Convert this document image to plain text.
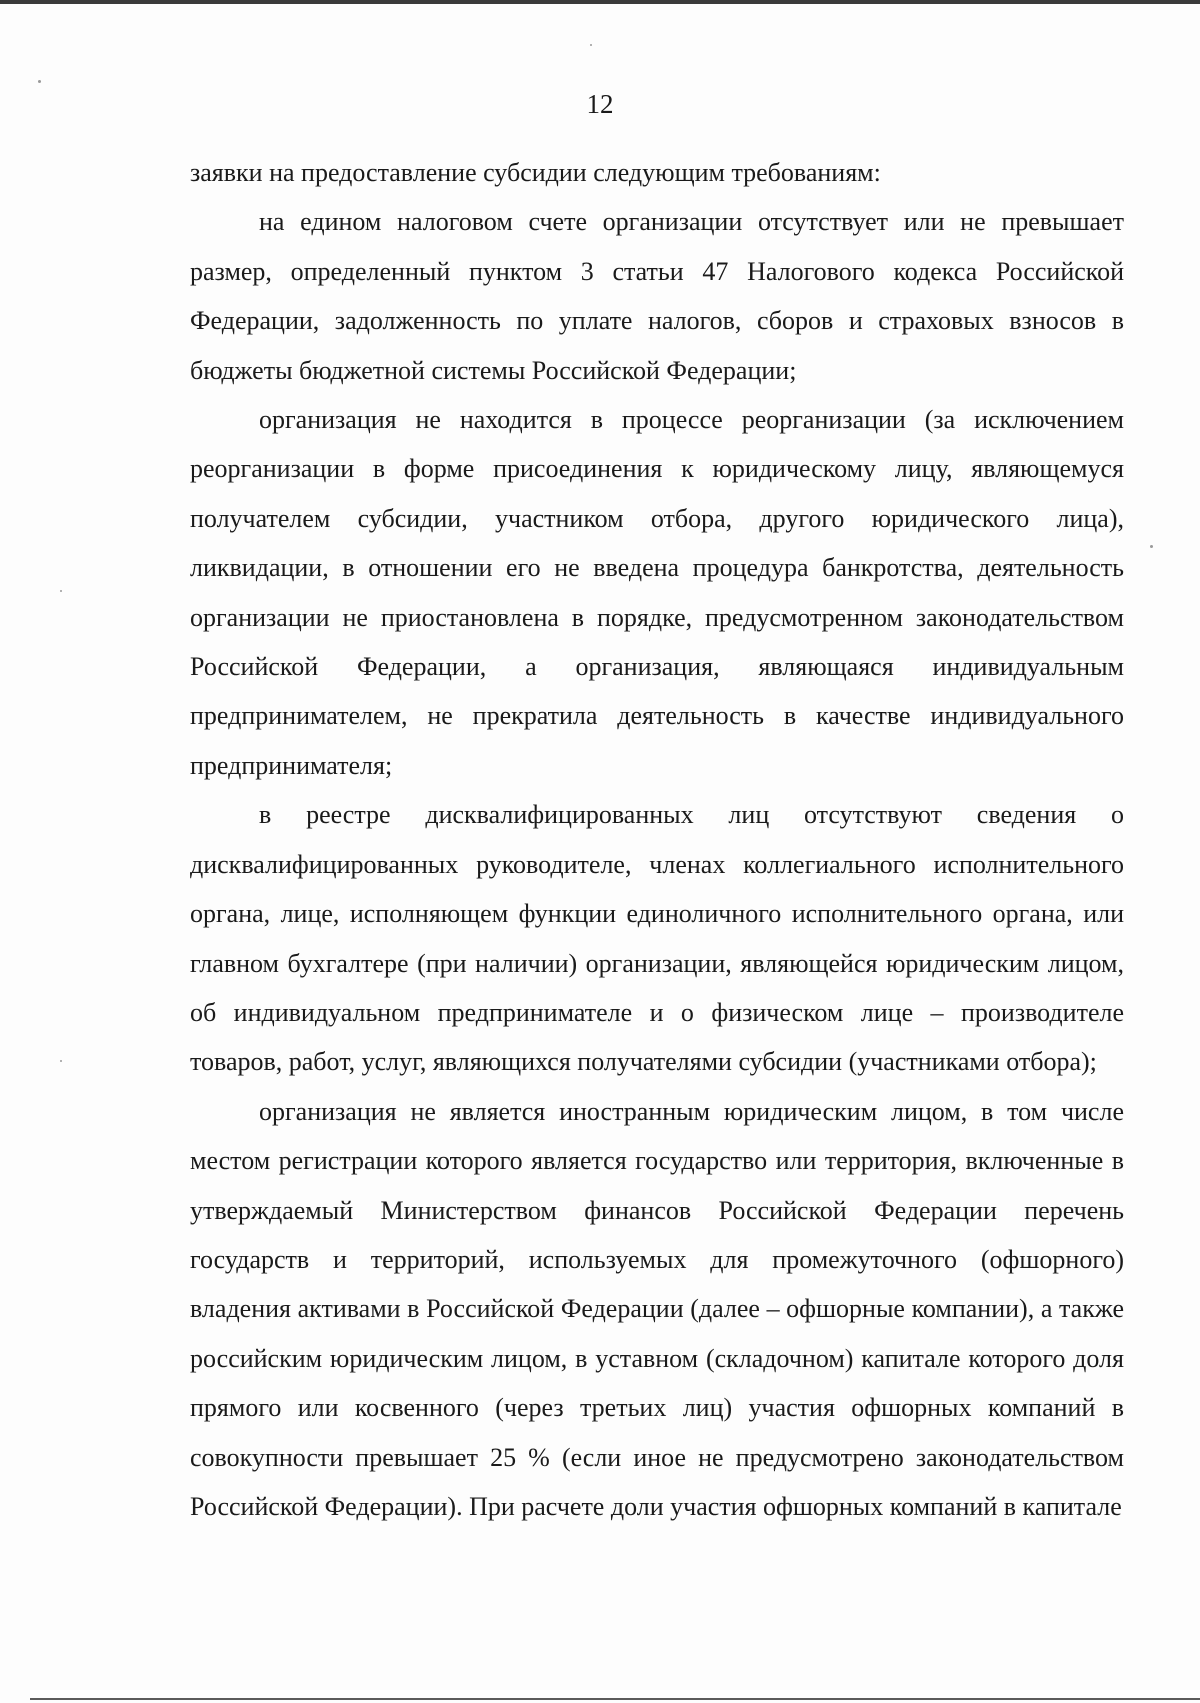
12

заявки на предоставление субсидии следующим требованиям:

на едином налоговом счете организации отсутствует или не превышает размер, определенный пунктом 3 статьи 47 Налогового кодекса Российской Федерации, задолженность по уплате налогов, сборов и страховых взносов в бюджеты бюджетной системы Российской Федерации;

организация не находится в процессе реорганизации (за исключением реорганизации в форме присоединения к юридическому лицу, являющемуся получателем субсидии, участником отбора, другого юридического лица), ликвидации, в отношении его не введена процедура банкротства, деятельность организации не приостановлена в порядке, предусмотренном законодательством Российской Федерации, а организация, являющаяся индивидуальным предпринимателем, не прекратила деятельность в качестве индивидуального предпринимателя;

в реестре дисквалифицированных лиц отсутствуют сведения о дисквалифицированных руководителе, членах коллегиального исполнительного органа, лице, исполняющем функции единоличного исполнительного органа, или главном бухгалтере (при наличии) организации, являющейся юридическим лицом, об индивидуальном предпринимателе и о физическом лице – производителе товаров, работ, услуг, являющихся получателями субсидии (участниками отбора);

организация не является иностранным юридическим лицом, в том числе местом регистрации которого является государство или территория, включенные в утверждаемый Министерством финансов Российской Федерации перечень государств и территорий, используемых для промежуточного (офшорного) владения активами в Российской Федерации (далее – офшорные компании), а также российским юридическим лицом, в уставном (складочном) капитале которого доля прямого или косвенного (через третьих лиц) участия офшорных компаний в совокупности превышает 25 % (если иное не предусмотрено законодательством Российской Федерации). При расчете доли участия офшорных компаний в капитале
